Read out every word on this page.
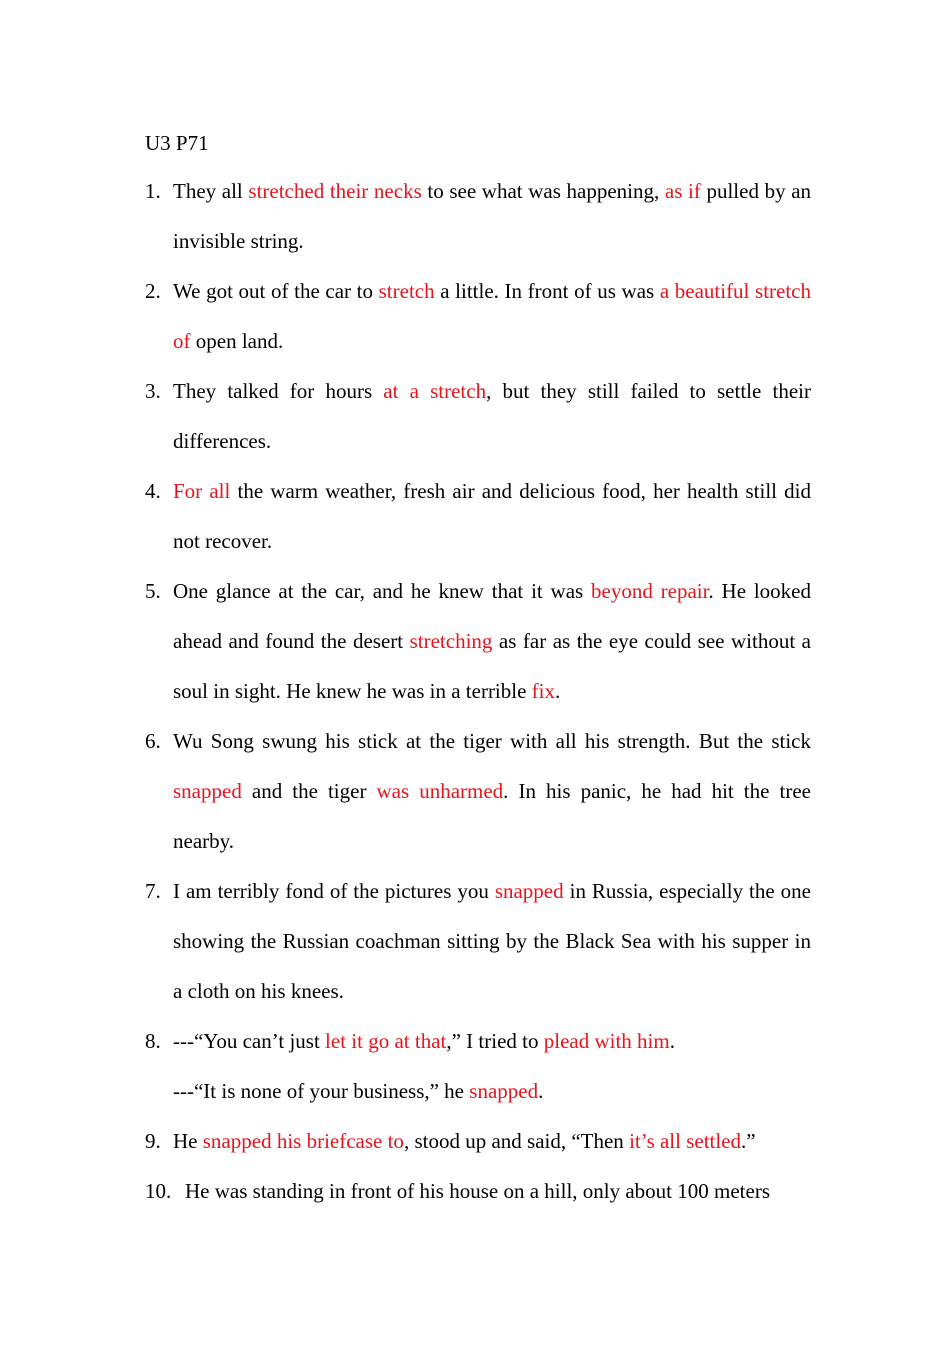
U3 P71
1. They all stretched their necks to see what was happening, as if pulled by an invisible string.
2. We got out of the car to stretch a little. In front of us was a beautiful stretch of open land.
3. They talked for hours at a stretch, but they still failed to settle their differences.
4. For all the warm weather, fresh air and delicious food, her health still did not recover.
5. One glance at the car, and he knew that it was beyond repair. He looked ahead and found the desert stretching as far as the eye could see without a soul in sight. He knew he was in a terrible fix.
6. Wu Song swung his stick at the tiger with all his strength. But the stick snapped and the tiger was unharmed. In his panic, he had hit the tree nearby.
7. I am terribly fond of the pictures you snapped in Russia, especially the one showing the Russian coachman sitting by the Black Sea with his supper in a cloth on his knees.
8. ---“You can’t just let it go at that,” I tried to plead with him.
---“It is none of your business,” he snapped.
9. He snapped his briefcase to, stood up and said, “Then it’s all settled.”
10. He was standing in front of his house on a hill, only about 100 meters
